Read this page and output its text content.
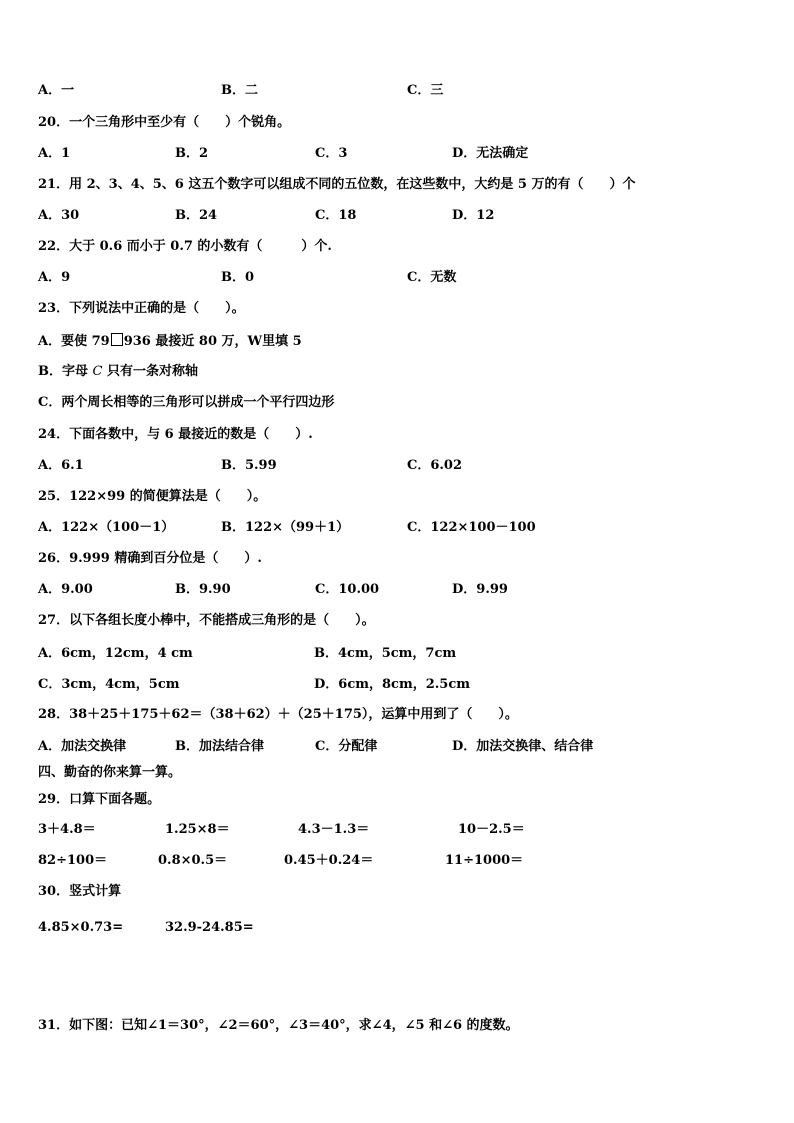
A．一	B．二	C．三
20．一个三角形中至少有（　　）个锐角。
A．1	B．2	C．3	D．无法确定
21．用 2、3、4、5、6 这五个数字可以组成不同的五位数，在这些数中，大约是 5 万的有（　　）个
A．30	B．24	C．18	D．12
22．大于 0.6 而小于 0.7 的小数有（　　　）个.
A．9	B．0	C．无数
23．下列说法中正确的是（　　）。
A．要使 79 936 最接近 80 万，W里填 5
B．字母 C 只有一条对称轴
C．两个周长相等的三角形可以拼成一个平行四边形
24．下面各数中，与 6 最接近的数是（　　）.
A．6.1	B．5.99	C．6.02
25．122×99 的简便算法是（　　）。
A．122×（100－1）	B．122×（99＋1）	C．122×100－100
26．9.999 精确到百分位是（　　）.
A．9.00	B．9.90	C．10.00	D．9.99
27．以下各组长度小棒中，不能搭成三角形的是（　　）。
A．6cm，12cm，4 cm	B．4cm，5cm，7cm
C．3cm，4cm，5cm	D．6cm，8cm，2.5cm
28．38＋25＋175＋62＝（38＋62）＋（25＋175），运算中用到了（　　）。
A．加法交换律	B．加法结合律	C．分配律	D．加法交换律、结合律
四、勤奋的你来算一算。
29．口算下面各题。
3＋4.8＝	1.25×8＝	4.3－1.3＝	10－2.5＝
82÷100＝	0.8×0.5＝	0.45＋0.24＝	11÷1000＝
30．竖式计算
4.85×0.73=	32.9-24.85=
31．如下图：已知∠1＝30°，∠2＝60°，∠3＝40°，求∠4，∠5 和∠6 的度数。
